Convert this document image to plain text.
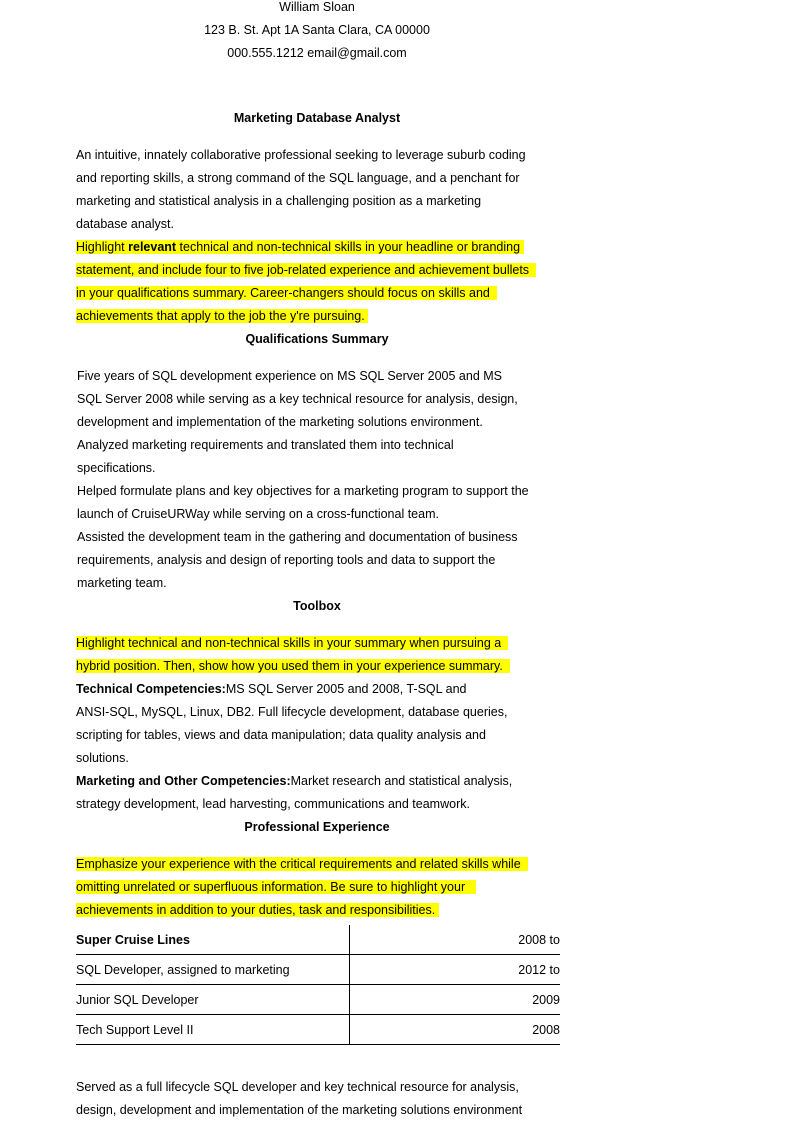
William Sloan
123 B. St. Apt 1A Santa Clara, CA 00000
000.555.1212 email@gmail.com
Marketing Database Analyst
An intuitive, innately collaborative professional seeking to leverage suburb coding
and reporting skills, a strong command of the SQL language, and a penchant for
marketing and statistical analysis in a challenging position as a marketing
database analyst.
Highlight relevant technical and non-technical skills in your headline or branding
statement, and include four to five job-related experience and achievement bullets
in your qualifications summary. Career-changers should focus on skills and
achievements that apply to the job the y're pursuing.
Qualifications Summary
Five years of SQL development experience on MS SQL Server 2005 and MS
SQL Server 2008 while serving as a key technical resource for analysis, design,
development and implementation of the marketing solutions environment.
Analyzed marketing requirements and translated them into technical
specifications.
Helped formulate plans and key objectives for a marketing program to support the
launch of CruiseURWay while serving on a cross-functional team.
Assisted the development team in the gathering and documentation of business
requirements, analysis and design of reporting tools and data to support the
marketing team.
Toolbox
Highlight technical and non-technical skills in your summary when pursuing a
hybrid position. Then, show how you used them in your experience summary.
Technical Competencies:MS SQL Server 2005 and 2008, T-SQL and
ANSI-SQL, MySQL, Linux, DB2. Full lifecycle development, database queries,
scripting for tables, views and data manipulation; data quality analysis and
solutions.
Marketing and Other Competencies:Market research and statistical analysis,
strategy development, lead harvesting, communications and teamwork.
Professional Experience
Emphasize your experience with the critical requirements and related skills while
omitting unrelated or superfluous information. Be sure to highlight your
achievements in addition to your duties, task and responsibilities.
Super Cruise Lines	2008 to
SQL Developer, assigned to marketing	2012 to
Junior SQL Developer	2009
Tech Support Level II	2008
Served as a full lifecycle SQL developer and key technical resource for analysis,
design, development and implementation of the marketing solutions environment
